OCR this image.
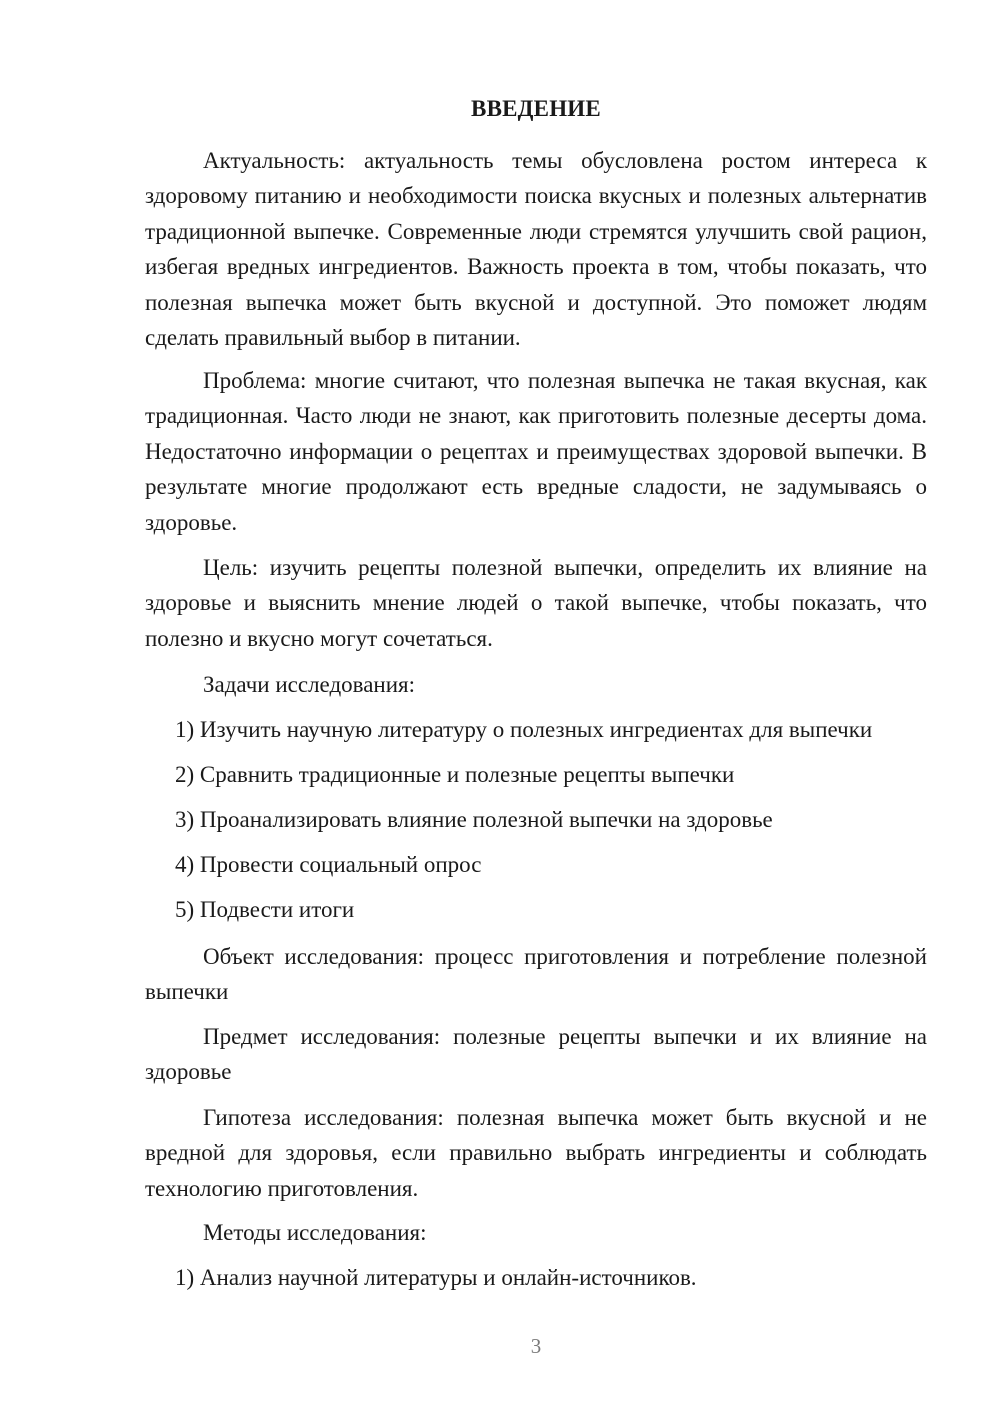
ВВЕДЕНИЕ

Актуальность: актуальность темы обусловлена ростом интереса к здоровому питанию и необходимости поиска вкусных и полезных альтернатив традиционной выпечке. Современные люди стремятся улучшить свой рацион, избегая вредных ингредиентов. Важность проекта в том, чтобы показать, что полезная выпечка может быть вкусной и доступной. Это поможет людям сделать правильный выбор в питании.

Проблема: многие считают, что полезная выпечка не такая вкусная, как традиционная. Часто люди не знают, как приготовить полезные десерты дома. Недостаточно информации о рецептах и преимуществах здоровой выпечки. В результате многие продолжают есть вредные сладости, не задумываясь о здоровье.

Цель: изучить рецепты полезной выпечки, определить их влияние на здоровье и выяснить мнение людей о такой выпечке, чтобы показать, что полезно и вкусно могут сочетаться.

Задачи исследования:

1) Изучить научную литературу о полезных ингредиентах для выпечки

2) Сравнить традиционные и полезные рецепты выпечки

3) Проанализировать влияние полезной выпечки на здоровье

4) Провести социальный опрос

5) Подвести итоги

Объект исследования: процесс приготовления и потребление полезной выпечки

Предмет исследования: полезные рецепты выпечки и их влияние на здоровье

Гипотеза исследования: полезная выпечка может быть вкусной и не вредной для здоровья, если правильно выбрать ингредиенты и соблюдать технологию приготовления.

Методы исследования:

1) Анализ научной литературы и онлайн-источников.

3
